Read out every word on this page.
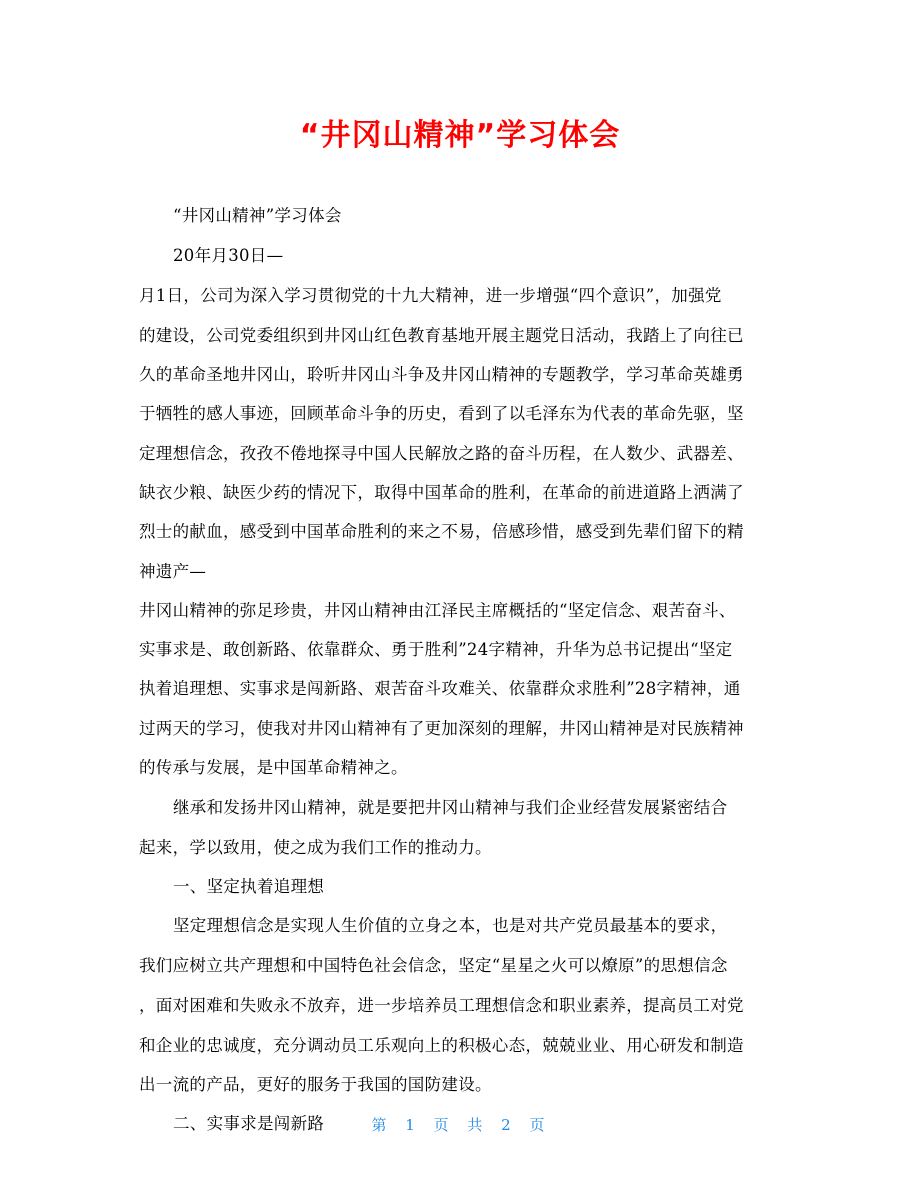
“井冈山精神”学习体会
“井冈山精神”学习体会
20年月30日—
月1日，公司为深入学习贯彻党的十九大精神，进一步增强“四个意识”，加强党
的建设，公司党委组织到井冈山红色教育基地开展主题党日活动，我踏上了向往已
久的革命圣地井冈山，聆听井冈山斗争及井冈山精神的专题教学，学习革命英雄勇
于牺牲的感人事迹，回顾革命斗争的历史，看到了以毛泽东为代表的革命先驱，坚
定理想信念，孜孜不倦地探寻中国人民解放之路的奋斗历程，在人数少、武器差、
缺衣少粮、缺医少药的情况下，取得中国革命的胜利，在革命的前进道路上洒满了
烈士的献血，感受到中国革命胜利的来之不易，倍感珍惜，感受到先辈们留下的精
神遗产—
井冈山精神的弥足珍贵，井冈山精神由江泽民主席概括的“坚定信念、艰苦奋斗、
实事求是、敢创新路、依靠群众、勇于胜利”24字精神，升华为总书记提出“坚定
执着追理想、实事求是闯新路、艰苦奋斗攻难关、依靠群众求胜利”28字精神，通
过两天的学习，使我对井冈山精神有了更加深刻的理解，井冈山精神是对民族精神
的传承与发展，是中国革命精神之。
继承和发扬井冈山精神，就是要把井冈山精神与我们企业经营发展紧密结合
起来，学以致用，使之成为我们工作的推动力。
一、坚定执着追理想
坚定理想信念是实现人生价值的立身之本，也是对共产党员最基本的要求，
我们应树立共产理想和中国特色社会信念，坚定“星星之火可以燎原”的思想信念
，面对困难和失败永不放弃，进一步培养员工理想信念和职业素养，提高员工对党
和企业的忠诚度，充分调动员工乐观向上的积极心态，兢兢业业、用心研发和制造
出一流的产品，更好的服务于我国的国防建设。
二、实事求是闯新路	第 1 页 共 2 页
